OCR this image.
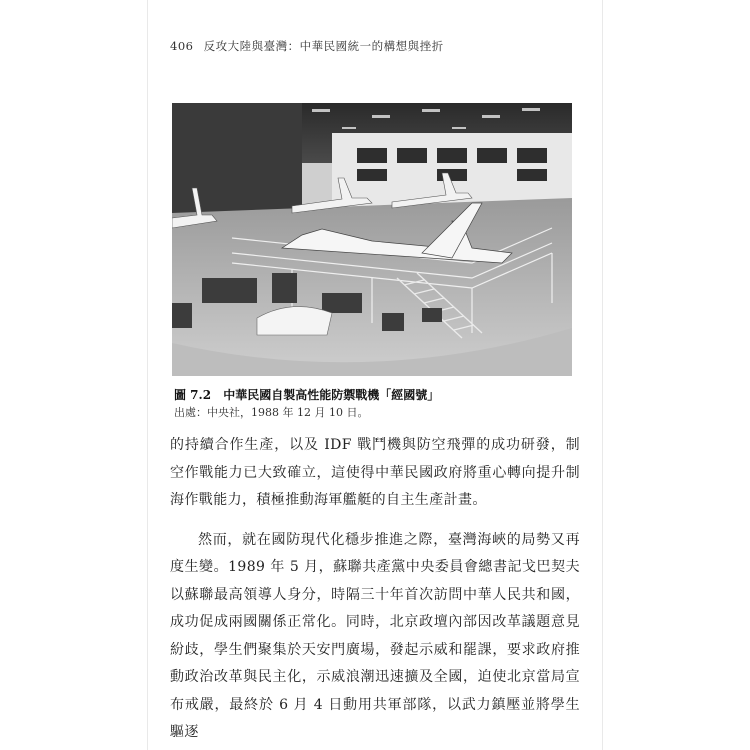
406 反攻大陸與臺灣：中華民國統一的構想與挫折
圖 7.2 中華民國自製高性能防禦戰機「經國號」
出處：中央社，1988 年 12 月 10 日。

的持續合作生產，以及 IDF 戰鬥機與防空飛彈的成功研發，制空作戰能力已大致確立，這使得中華民國政府將重心轉向提升制海作戰能力，積極推動海軍艦艇的自主生產計畫。

然而，就在國防現代化穩步推進之際，臺灣海峽的局勢又再度生變。1989 年 5 月，蘇聯共產黨中央委員會總書記戈巴契夫以蘇聯最高領導人身分，時隔三十年首次訪問中華人民共和國，成功促成兩國關係正常化。同時，北京政壇內部因改革議題意見紛歧，學生們聚集於天安門廣場，發起示威和罷課，要求政府推動政治改革與民主化，示威浪潮迅速擴及全國，迫使北京當局宣布戒嚴，最終於 6 月 4 日動用共軍部隊，以武力鎮壓並將學生驅逐
